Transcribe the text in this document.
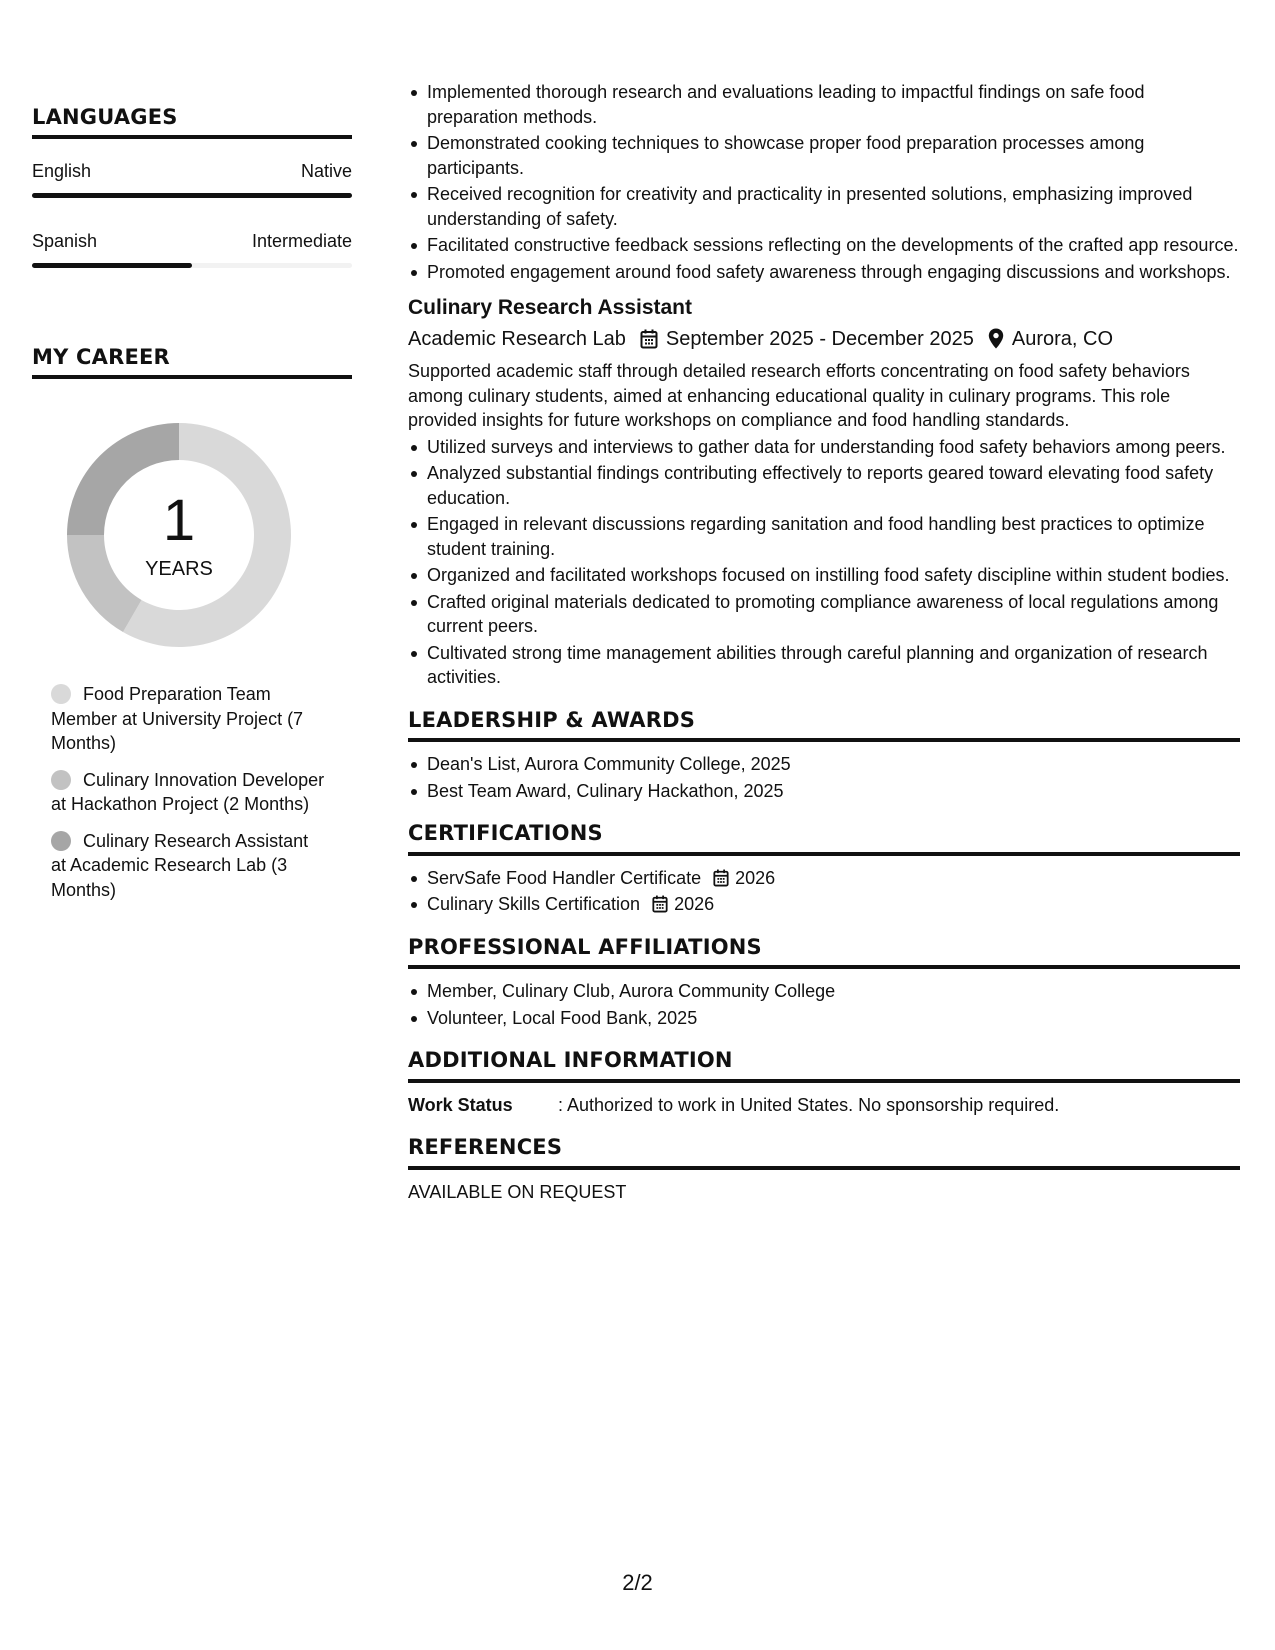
LANGUAGES
English	Native
Spanish	Intermediate
MY CAREER
1
YEARS
Food Preparation Team Member at University Project (7 Months)
Culinary Innovation Developer at Hackathon Project (2 Months)
Culinary Research Assistant at Academic Research Lab (3 Months)
Implemented thorough research and evaluations leading to impactful findings on safe food preparation methods.
Demonstrated cooking techniques to showcase proper food preparation processes among participants.
Received recognition for creativity and practicality in presented solutions, emphasizing improved understanding of safety.
Facilitated constructive feedback sessions reflecting on the developments of the crafted app resource.
Promoted engagement around food safety awareness through engaging discussions and workshops.
Culinary Research Assistant
Academic Research Lab September 2025 - December 2025 Aurora, CO
Supported academic staff through detailed research efforts concentrating on food safety behaviors among culinary students, aimed at enhancing educational quality in culinary programs. This role provided insights for future workshops on compliance and food handling standards.
Utilized surveys and interviews to gather data for understanding food safety behaviors among peers.
Analyzed substantial findings contributing effectively to reports geared toward elevating food safety education.
Engaged in relevant discussions regarding sanitation and food handling best practices to optimize student training.
Organized and facilitated workshops focused on instilling food safety discipline within student bodies.
Crafted original materials dedicated to promoting compliance awareness of local regulations among current peers.
Cultivated strong time management abilities through careful planning and organization of research activities.
LEADERSHIP & AWARDS
Dean's List, Aurora Community College, 2025
Best Team Award, Culinary Hackathon, 2025
CERTIFICATIONS
ServSafe Food Handler Certificate 2026
Culinary Skills Certification 2026
PROFESSIONAL AFFILIATIONS
Member, Culinary Club, Aurora Community College
Volunteer, Local Food Bank, 2025
ADDITIONAL INFORMATION
Work Status	: Authorized to work in United States. No sponsorship required.
REFERENCES
AVAILABLE ON REQUEST
2/2
